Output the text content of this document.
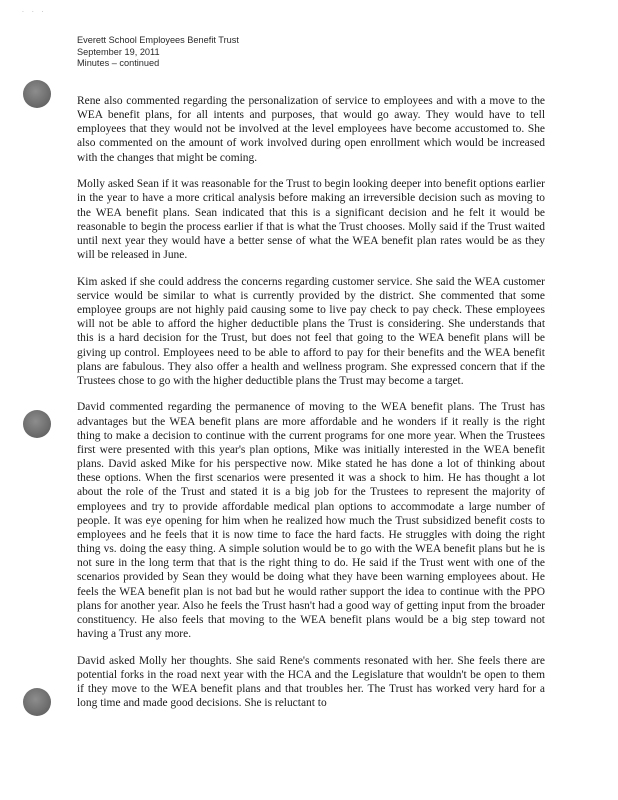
· · ·
Everett School Employees Benefit Trust
September 19, 2011
Minutes – continued

Rene also commented regarding the personalization of service to employees and with a move to the WEA benefit plans, for all intents and purposes, that would go away. They would have to tell employees that they would not be involved at the level employees have become accustomed to. She also commented on the amount of work involved during open enrollment which would be increased with the changes that might be coming.

Molly asked Sean if it was reasonable for the Trust to begin looking deeper into benefit options earlier in the year to have a more critical analysis before making an irreversible decision such as moving to the WEA benefit plans. Sean indicated that this is a significant decision and he felt it would be reasonable to begin the process earlier if that is what the Trust chooses. Molly said if the Trust waited until next year they would have a better sense of what the WEA benefit plan rates would be as they will be released in June.

Kim asked if she could address the concerns regarding customer service. She said the WEA customer service would be similar to what is currently provided by the district. She commented that some employee groups are not highly paid causing some to live pay check to pay check. These employees will not be able to afford the higher deductible plans the Trust is considering. She understands that this is a hard decision for the Trust, but does not feel that going to the WEA benefit plans will be giving up control. Employees need to be able to afford to pay for their benefits and the WEA benefit plans are fabulous. They also offer a health and wellness program. She expressed concern that if the Trustees chose to go with the higher deductible plans the Trust may become a target.

David commented regarding the permanence of moving to the WEA benefit plans. The Trust has advantages but the WEA benefit plans are more affordable and he wonders if it really is the right thing to make a decision to continue with the current programs for one more year. When the Trustees first were presented with this year's plan options, Mike was initially interested in the WEA benefit plans. David asked Mike for his perspective now. Mike stated he has done a lot of thinking about these options. When the first scenarios were presented it was a shock to him. He has thought a lot about the role of the Trust and stated it is a big job for the Trustees to represent the majority of employees and try to provide affordable medical plan options to accommodate a large number of people. It was eye opening for him when he realized how much the Trust subsidized benefit costs to employees and he feels that it is now time to face the hard facts. He struggles with doing the right thing vs. doing the easy thing. A simple solution would be to go with the WEA benefit plans but he is not sure in the long term that that is the right thing to do. He said if the Trust went with one of the scenarios provided by Sean they would be doing what they have been warning employees about. He feels the WEA benefit plan is not bad but he would rather support the idea to continue with the PPO plans for another year. Also he feels the Trust hasn't had a good way of getting input from the broader constituency. He also feels that moving to the WEA benefit plans would be a big step toward not having a Trust any more.

David asked Molly her thoughts. She said Rene's comments resonated with her. She feels there are potential forks in the road next year with the HCA and the Legislature that wouldn't be open to them if they move to the WEA benefit plans and that troubles her. The Trust has worked very hard for a long time and made good decisions. She is reluctant to
